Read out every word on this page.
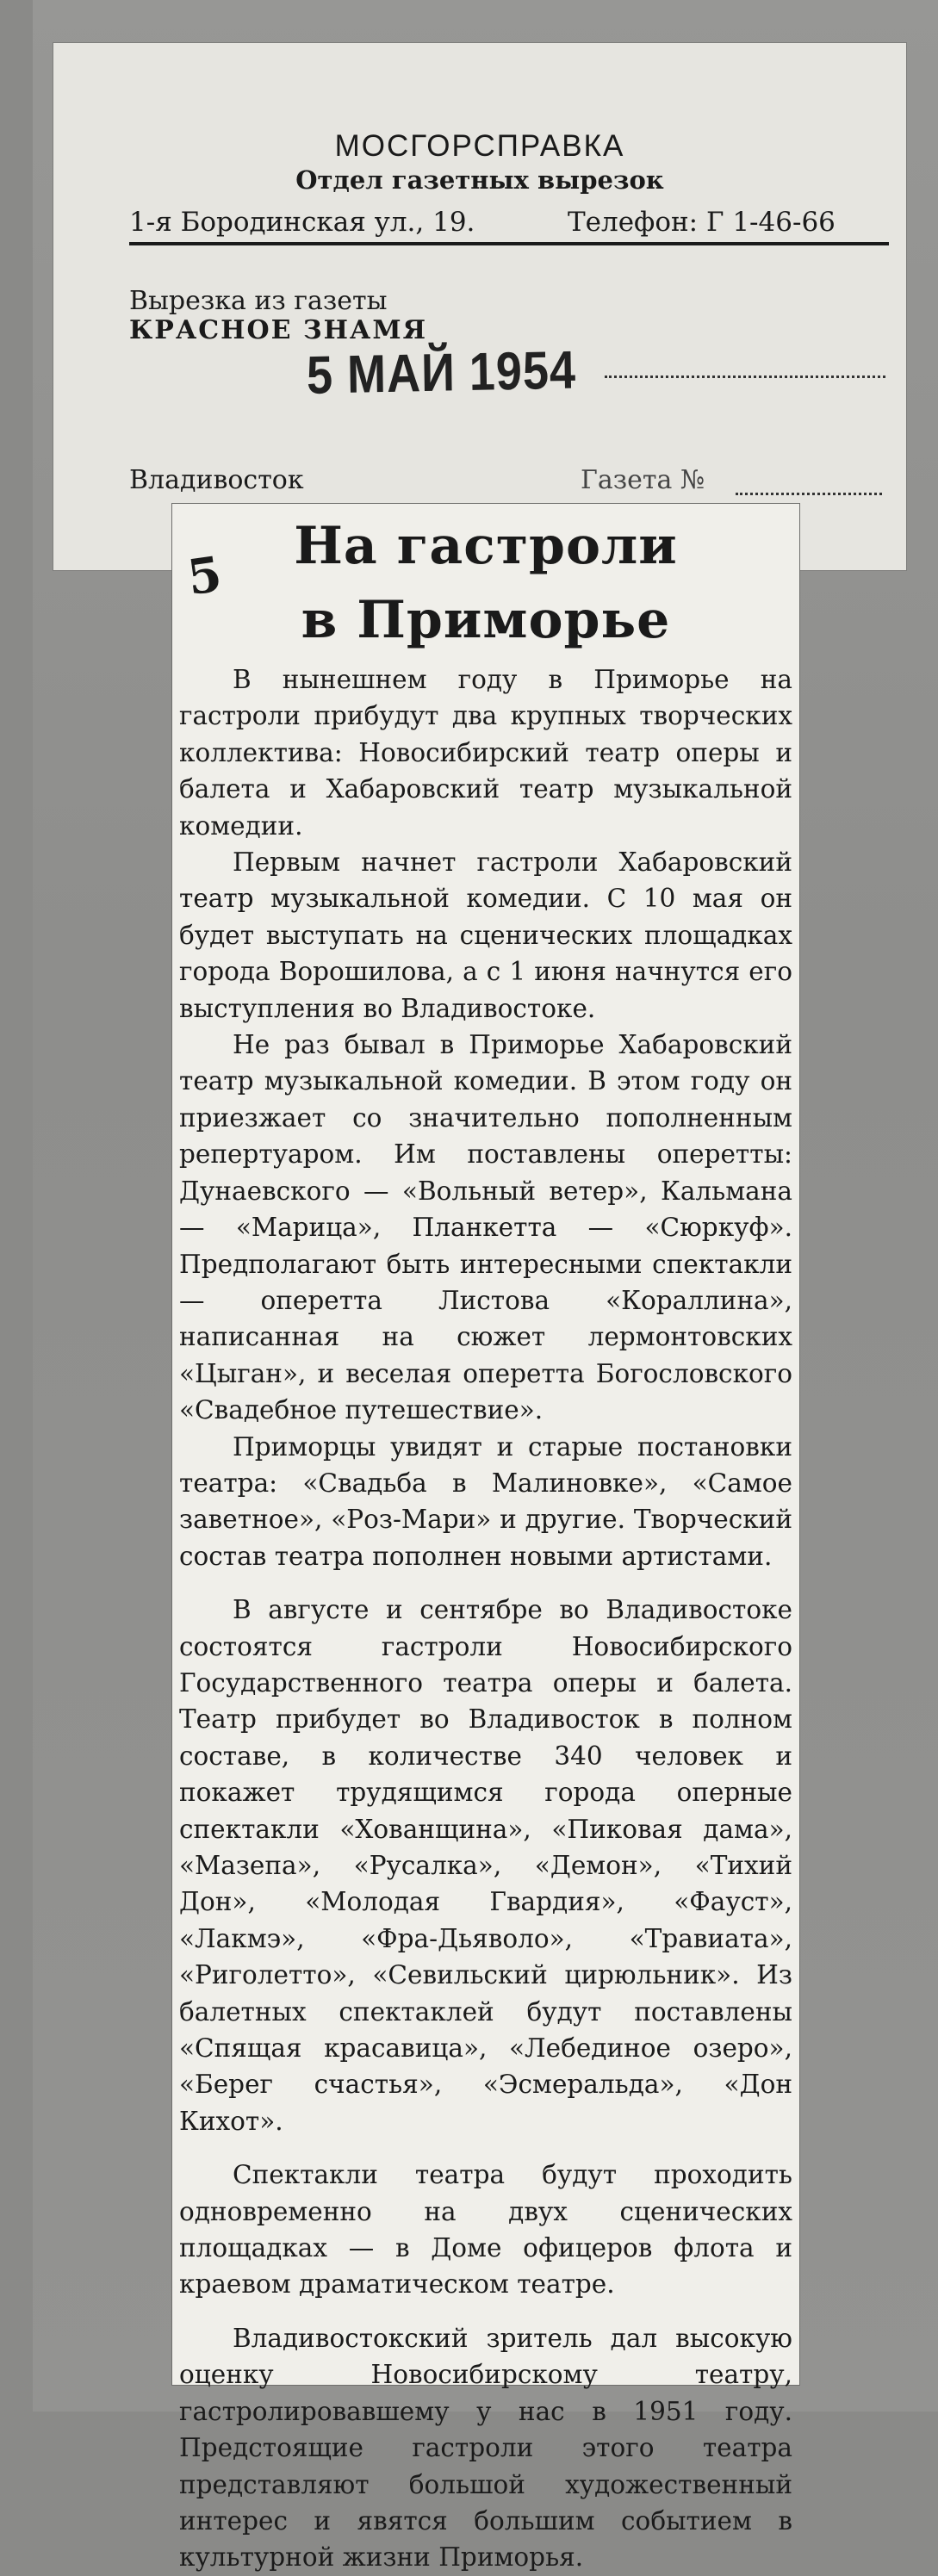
МОСГОРСПРАВКА
Отдел газетных вырезок
1-я Бородинская ул., 19.	Телефон: Г 1-46-66
Вырезка из газеты
КРАСНОЕ ЗНАМЯ
5 МАЙ 1954
Владивосток	Газета №
5	На гастроли
в Приморье

В нынешнем году в Приморье на гастроли прибудут два крупных творческих коллектива: Новосибирский театр оперы и балета и Хабаровский театр музыкальной комедии.

Первым начнет гастроли Хабаровский театр музыкальной комедии. С 10 мая он будет выступать на сценических площадках города Ворошилова, а с 1 июня начнутся его выступления во Владивостоке.

Не раз бывал в Приморье Хабаровский театр музыкальной комедии. В этом году он приезжает со значительно пополненным репертуаром. Им поставлены оперетты: Дунаевского — «Вольный ветер», Кальмана — «Марица», Планкетта — «Сюркуф». Предполагают быть интересными спектакли — оперетта Листова «Кораллина», написанная на сюжет лермонтовских «Цыган», и веселая оперетта Богословского «Свадебное путешествие».

Приморцы увидят и старые постановки театра: «Свадьба в Малиновке», «Самое заветное», «Роз-Мари» и другие. Творческий состав театра пополнен новыми артистами.

В августе и сентябре во Владивостоке состоятся гастроли Новосибирского Государственного театра оперы и балета. Театр прибудет во Владивосток в полном составе, в количестве 340 человек и покажет трудящимся города оперные спектакли «Хованщина», «Пиковая дама», «Мазепа», «Русалка», «Демон», «Тихий Дон», «Молодая Гвардия», «Фауст», «Лакмэ», «Фра-Дьяволо», «Травиата», «Риголетто», «Севильский цирюльник». Из балетных спектаклей будут поставлены «Спящая красавица», «Лебединое озеро», «Берег счастья», «Эсмеральда», «Дон Кихот».

Спектакли театра будут проходить одновременно на двух сценических площадках — в Доме офицеров флота и краевом драматическом театре.

Владивостокский зритель дал высокую оценку Новосибирскому театру, гастролировавшему у нас в 1951 году. Предстоящие гастроли этого театра представляют большой художественный интерес и явятся большим событием в культурной жизни Приморья.
